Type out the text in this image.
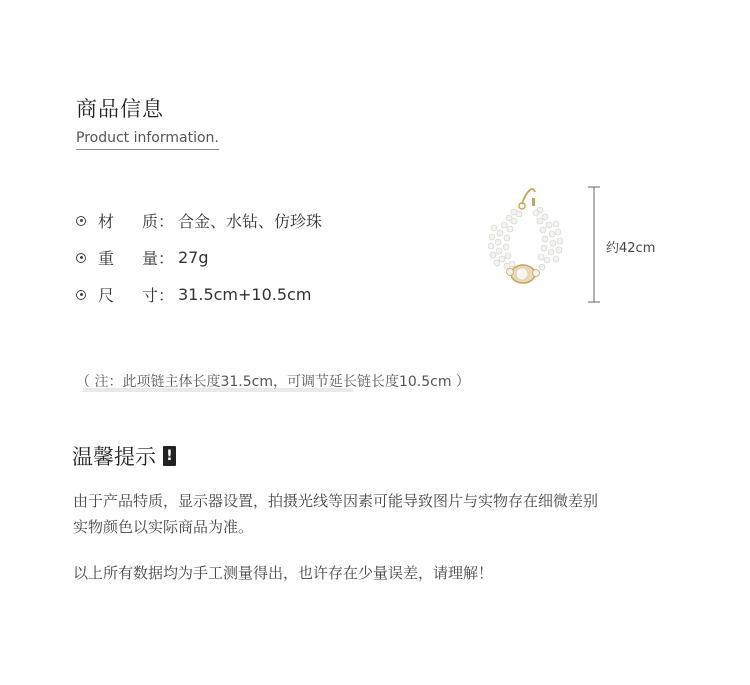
商品信息
Product information.
材	质： 合金、水钻、仿珍珠
重	量： 27g
尺	寸： 31.5cm+10.5cm
约42cm
（ 注：此项链主体长度31.5cm，可调节延长链长度10.5cm ）
温馨提示 !
由于产品特质，显示器设置，拍摄光线等因素可能导致图片与实物存在细微差别
实物颜色以实际商品为准。
以上所有数据均为手工测量得出，也许存在少量误差，请理解！
